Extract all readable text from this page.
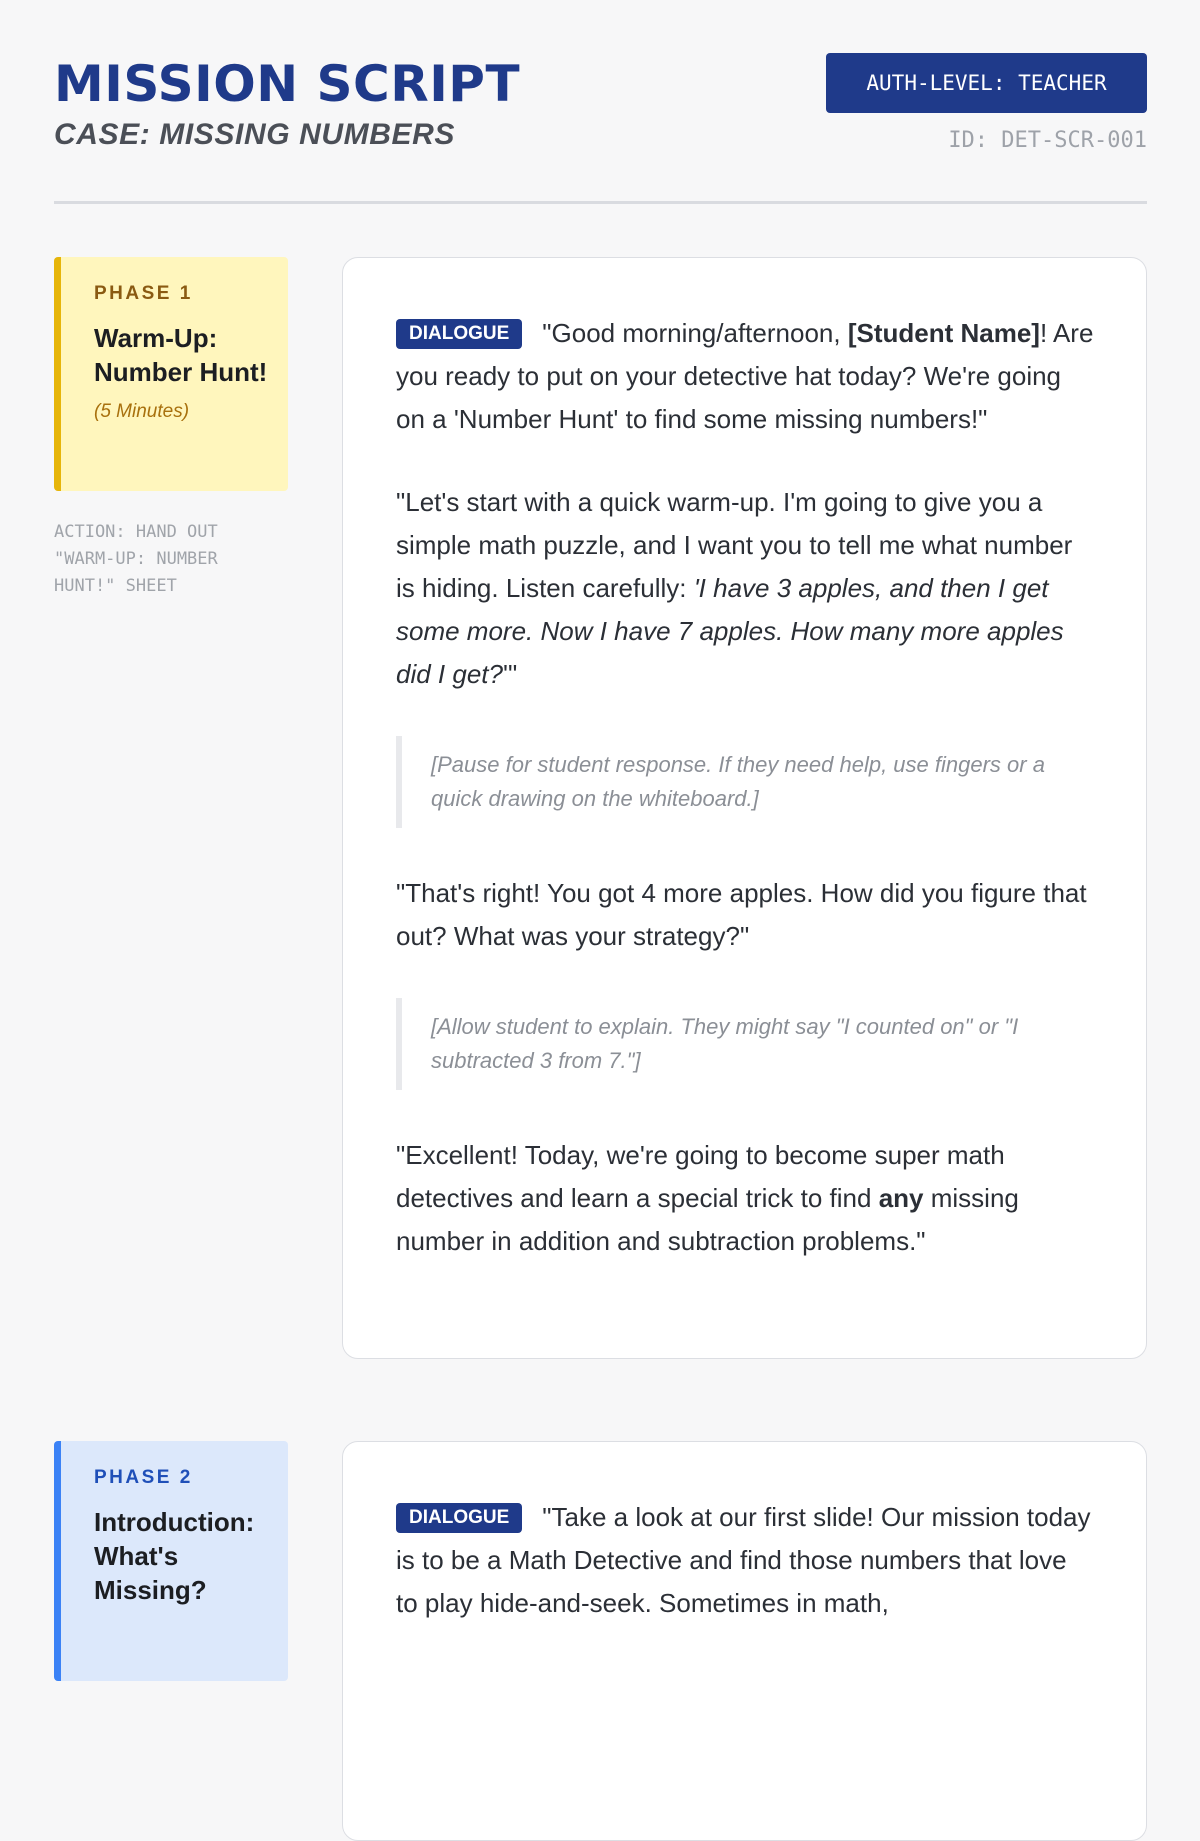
MISSION SCRIPT
CASE: MISSING NUMBERS
AUTH-LEVEL: TEACHER
ID: DET-SCR-001
PHASE 1
Warm-Up: Number Hunt!
(5 Minutes)
ACTION: HAND OUT "WARM-UP: NUMBER HUNT!" SHEET

DIALOGUE "Good morning/afternoon, [Student Name]! Are you ready to put on your detective hat today? We're going on a 'Number Hunt' to find some missing numbers!"

"Let's start with a quick warm-up. I'm going to give you a simple math puzzle, and I want you to tell me what number is hiding. Listen carefully: 'I have 3 apples, and then I get some more. Now I have 7 apples. How many more apples did I get?'"

[Pause for student response. If they need help, use fingers or a quick drawing on the whiteboard.]

"That's right! You got 4 more apples. How did you figure that out? What was your strategy?"

[Allow student to explain. They might say "I counted on" or "I subtracted 3 from 7."]

"Excellent! Today, we're going to become super math detectives and learn a special trick to find any missing number in addition and subtraction problems."

PHASE 2
Introduction: What's Missing?

DIALOGUE "Take a look at our first slide! Our mission today is to be a Math Detective and find those numbers that love to play hide-and-seek. Sometimes in math,
